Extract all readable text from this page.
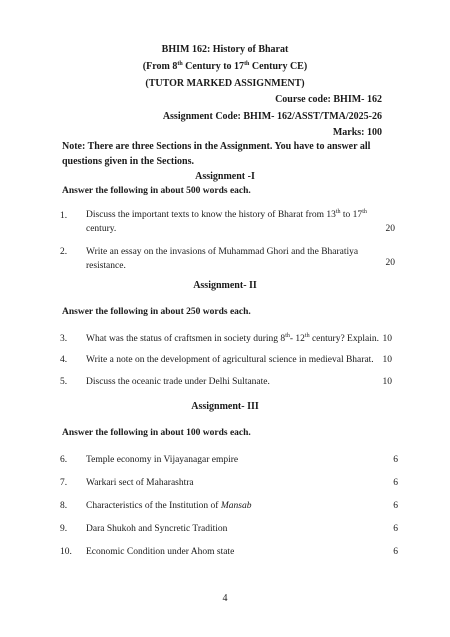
BHIM 162: History of Bharat
(From 8th Century to 17th Century CE)
(TUTOR MARKED ASSIGNMENT)
Course code: BHIM- 162
Assignment Code: BHIM- 162/ASST/TMA/2025-26
Marks: 100
Note: There are three Sections in the Assignment. You have to answer all questions given in the Sections.
Assignment -I
Answer the following in about 500 words each.
1. Discuss the important texts to know the history of Bharat from 13th to 17th
century.	20
2. Write an essay on the invasions of Muhammad Ghori and the Bharatiya
resistance.	20
Assignment- II
Answer the following in about 250 words each.
3. What was the status of craftsmen in society during 8th- 12th century? Explain. 10
4. Write a note on the development of agricultural science in medieval Bharat. 10
5. Discuss the oceanic trade under Delhi Sultanate.	10
Assignment- III
Answer the following in about 100 words each.
6. Temple economy in Vijayanagar empire	6
7. Warkari sect of Maharashtra	6
8. Characteristics of the Institution of Mansab	6
9. Dara Shukoh and Syncretic Tradition	6
10. Economic Condition under Ahom state	6
4
